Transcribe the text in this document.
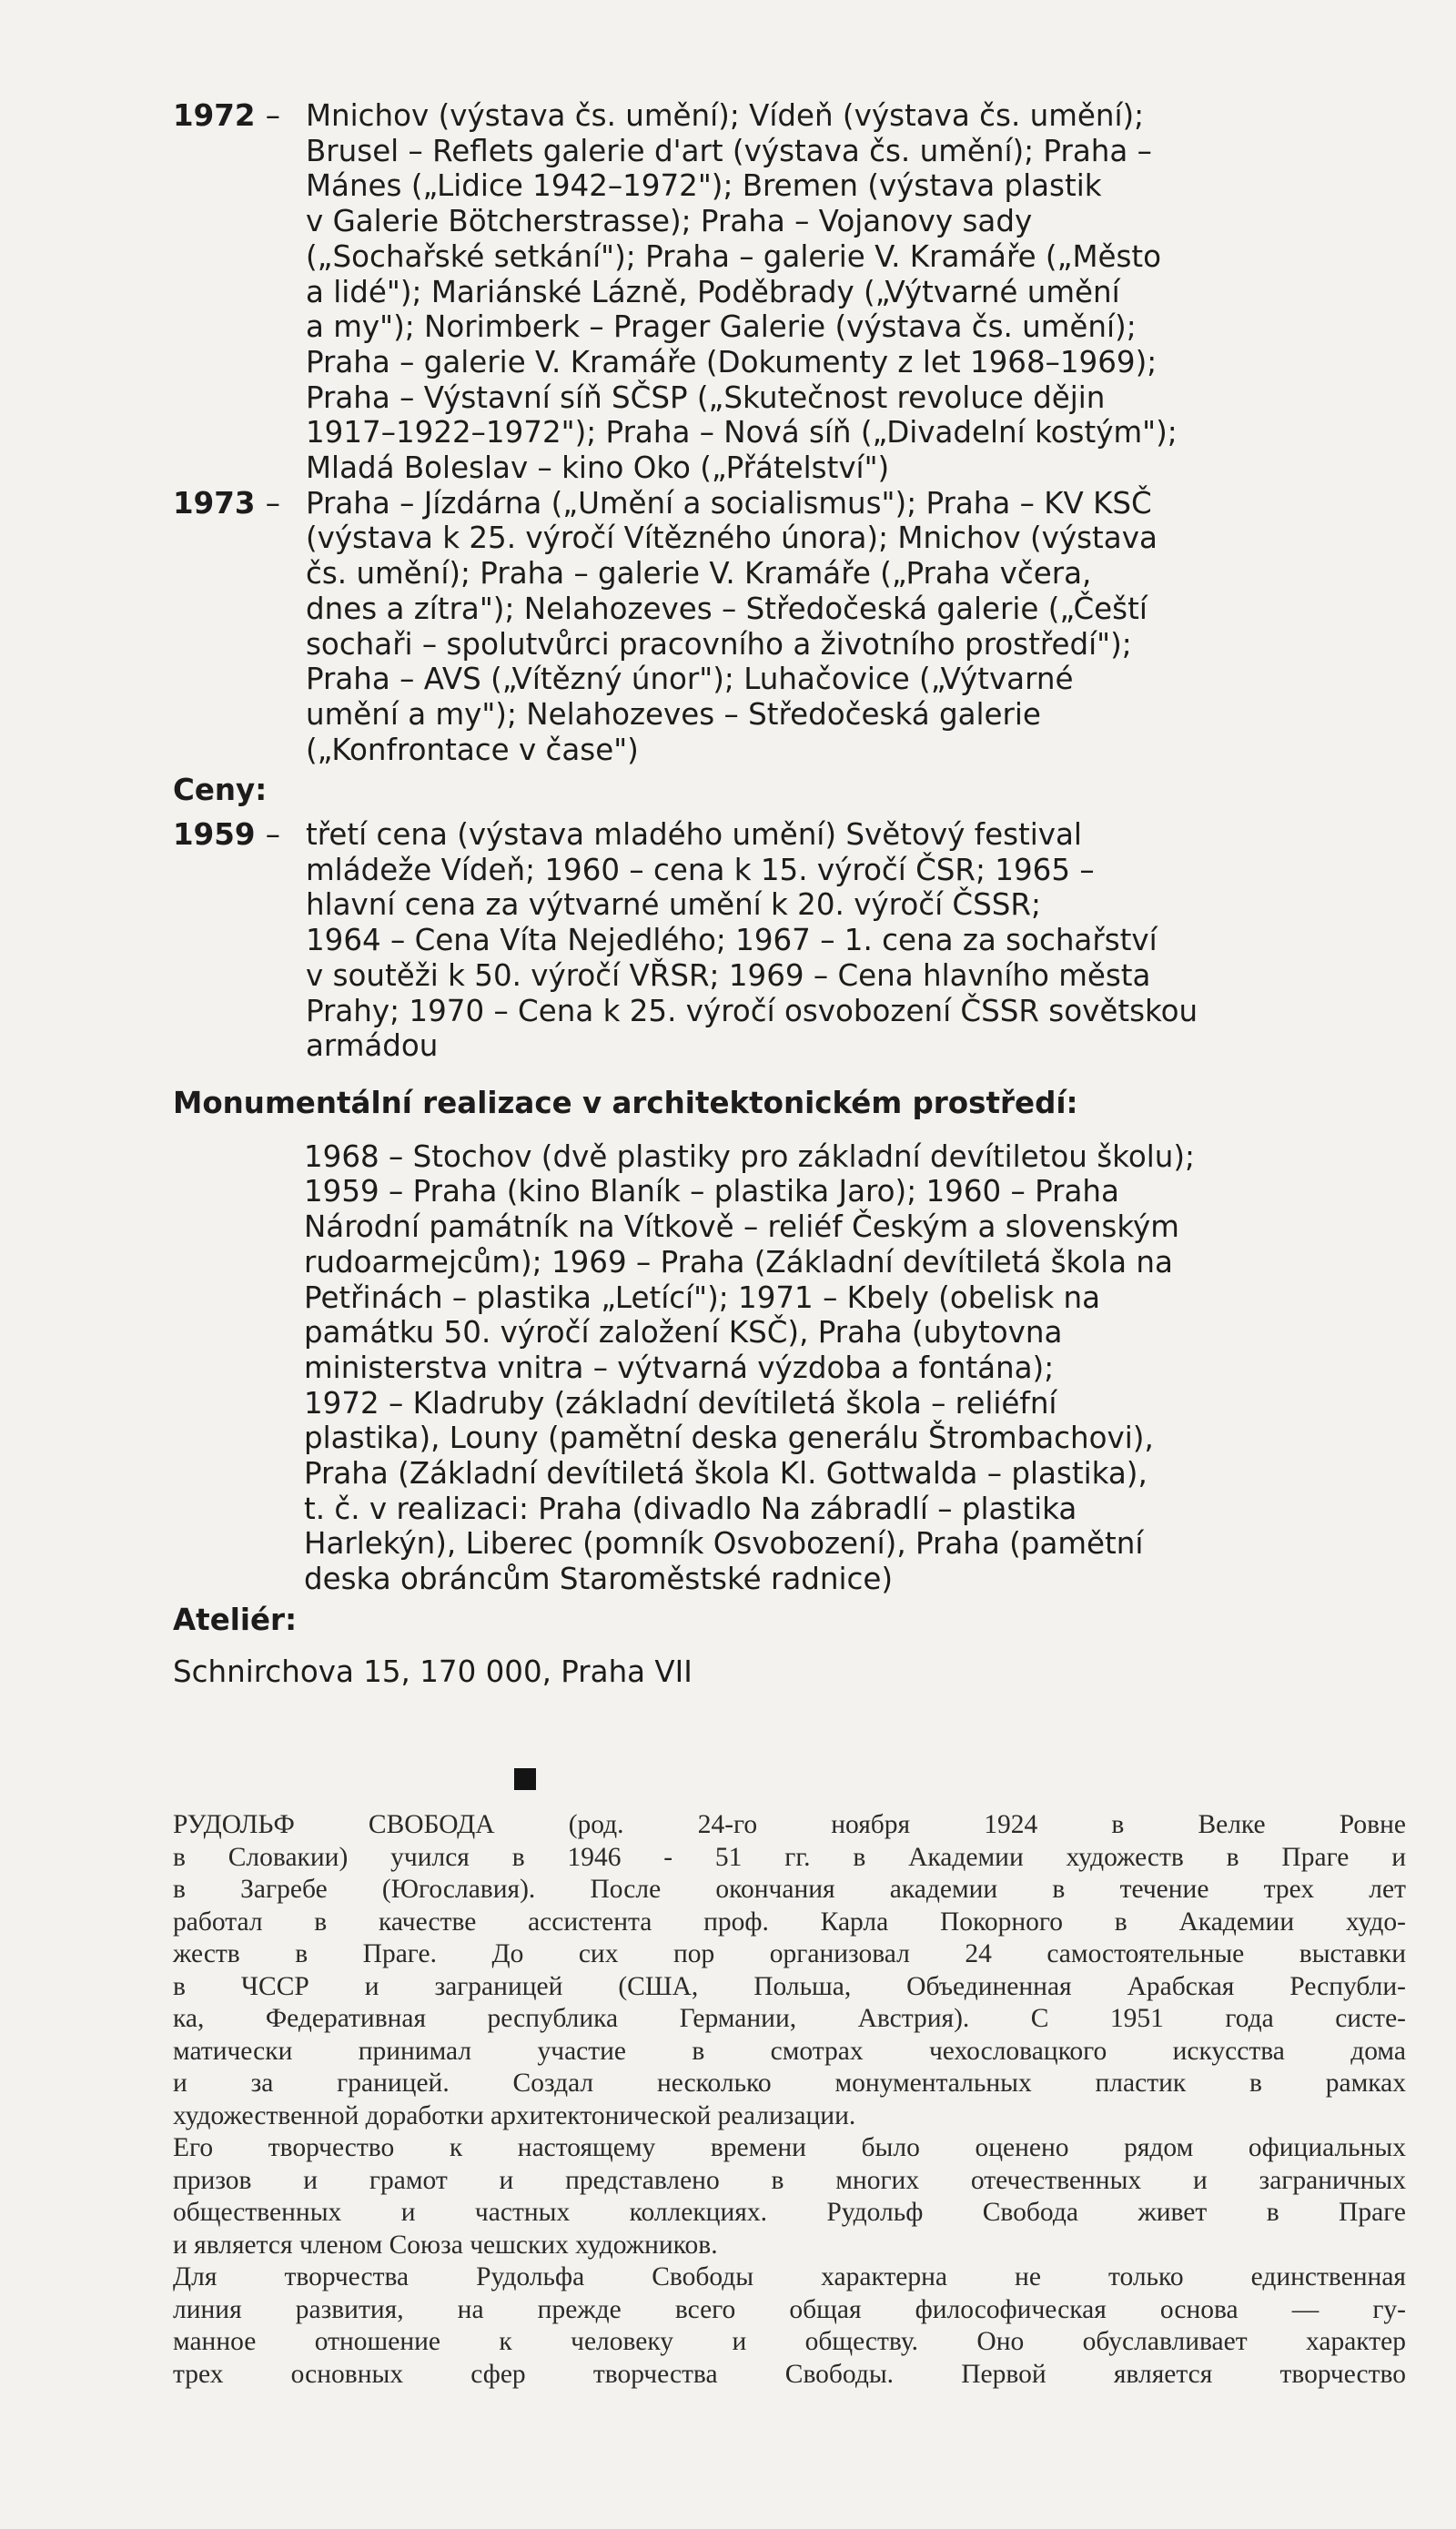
1972 – Mnichov (výstava čs. umění); Vídeň (výstava čs. umění);
Brusel – Reflets galerie d'art (výstava čs. umění); Praha –
Mánes („Lidice 1942–1972"); Bremen (výstava plastik
v Galerie Bötcherstrasse); Praha – Vojanovy sady
(„Sochařské setkání"); Praha – galerie V. Kramáře („Město
a lidé"); Mariánské Lázně, Poděbrady („Výtvarné umění
a my"); Norimberk – Prager Galerie (výstava čs. umění);
Praha – galerie V. Kramáře (Dokumenty z let 1968–1969);
Praha – Výstavní síň SČSP („Skutečnost revoluce dějin
1917–1922–1972"); Praha – Nová síň („Divadelní kostým");
Mladá Boleslav – kino Oko („Přátelství")
1973 – Praha – Jízdárna („Umění a socialismus"); Praha – KV KSČ
(výstava k 25. výročí Vítězného února); Mnichov (výstava
čs. umění); Praha – galerie V. Kramáře („Praha včera,
dnes a zítra"); Nelahozeves – Středočeská galerie („Čeští
sochaři – spolutvůrci pracovního a životního prostředí");
Praha – AVS („Vítězný únor"); Luhačovice („Výtvarné
umění a my"); Nelahozeves – Středočeská galerie
(„Konfrontace v čase")
Ceny:
1959 – třetí cena (výstava mladého umění) Světový festival
mládeže Vídeň; 1960 – cena k 15. výročí ČSR; 1965 –
hlavní cena za výtvarné umění k 20. výročí ČSSR;
1964 – Cena Víta Nejedlého; 1967 – 1. cena za sochařství
v soutěži k 50. výročí VŘSR; 1969 – Cena hlavního města
Prahy; 1970 – Cena k 25. výročí osvobození ČSSR sovětskou
armádou
Monumentální realizace v architektonickém prostředí:
1968 – Stochov (dvě plastiky pro základní devítiletou školu);
1959 – Praha (kino Blaník – plastika Jaro); 1960 – Praha
Národní památník na Vítkově – reliéf Českým a slovenským
rudoarmejcům); 1969 – Praha (Základní devítiletá škola na
Petřinách – plastika „Letící"); 1971 – Kbely (obelisk na
památku 50. výročí založení KSČ), Praha (ubytovna
ministerstva vnitra – výtvarná výzdoba a fontána);
1972 – Kladruby (základní devítiletá škola – reliéfní
plastika), Louny (pamětní deska generálu Štrombachovi),
Praha (Základní devítiletá škola Kl. Gottwalda – plastika),
t. č. v realizaci: Praha (divadlo Na zábradlí – plastika
Harlekýn), Liberec (pomník Osvobození), Praha (pamětní
deska obráncům Staroměstské radnice)
Ateliér:
Schnirchova 15, 170 000, Praha VII
РУДОЛЬФ СВОБОДА (род. 24-го ноября 1924 в Велке Ровне
в Словакии) учился в 1946 - 51 гг. в Академии художеств в Праге и
в Загребе (Югославия). После окончания академии в течение трех лет
работал в качестве ассистента проф. Карла Покорного в Академии худо-
жеств в Праге. До сих пор организовал 24 самостоятельные выставки
в ЧССР и заграницей (США, Польша, Объединенная Арабская Республи-
ка, Федеративная республика Германии, Австрия). С 1951 года систе-
матически принимал участие в смотрах чехословацкого искусства дома
и за границей. Создал несколько монументальных пластик в рамках
художественной доработки архитектонической реализации.
Его творчество к настоящему времени было оценено рядом официальных
призов и грамот и представлено в многих отечественных и заграничных
общественных и частных коллекциях. Рудольф Свобода живет в Праге
и является членом Союза чешских художников.
Для творчества Рудольфа Свободы характерна не только единственная
линия развития, на прежде всего общая философическая основа — гу-
манное отношение к человеку и обществу. Оно обуславливает характер
трех основных сфер творчества Свободы. Первой является творчество
